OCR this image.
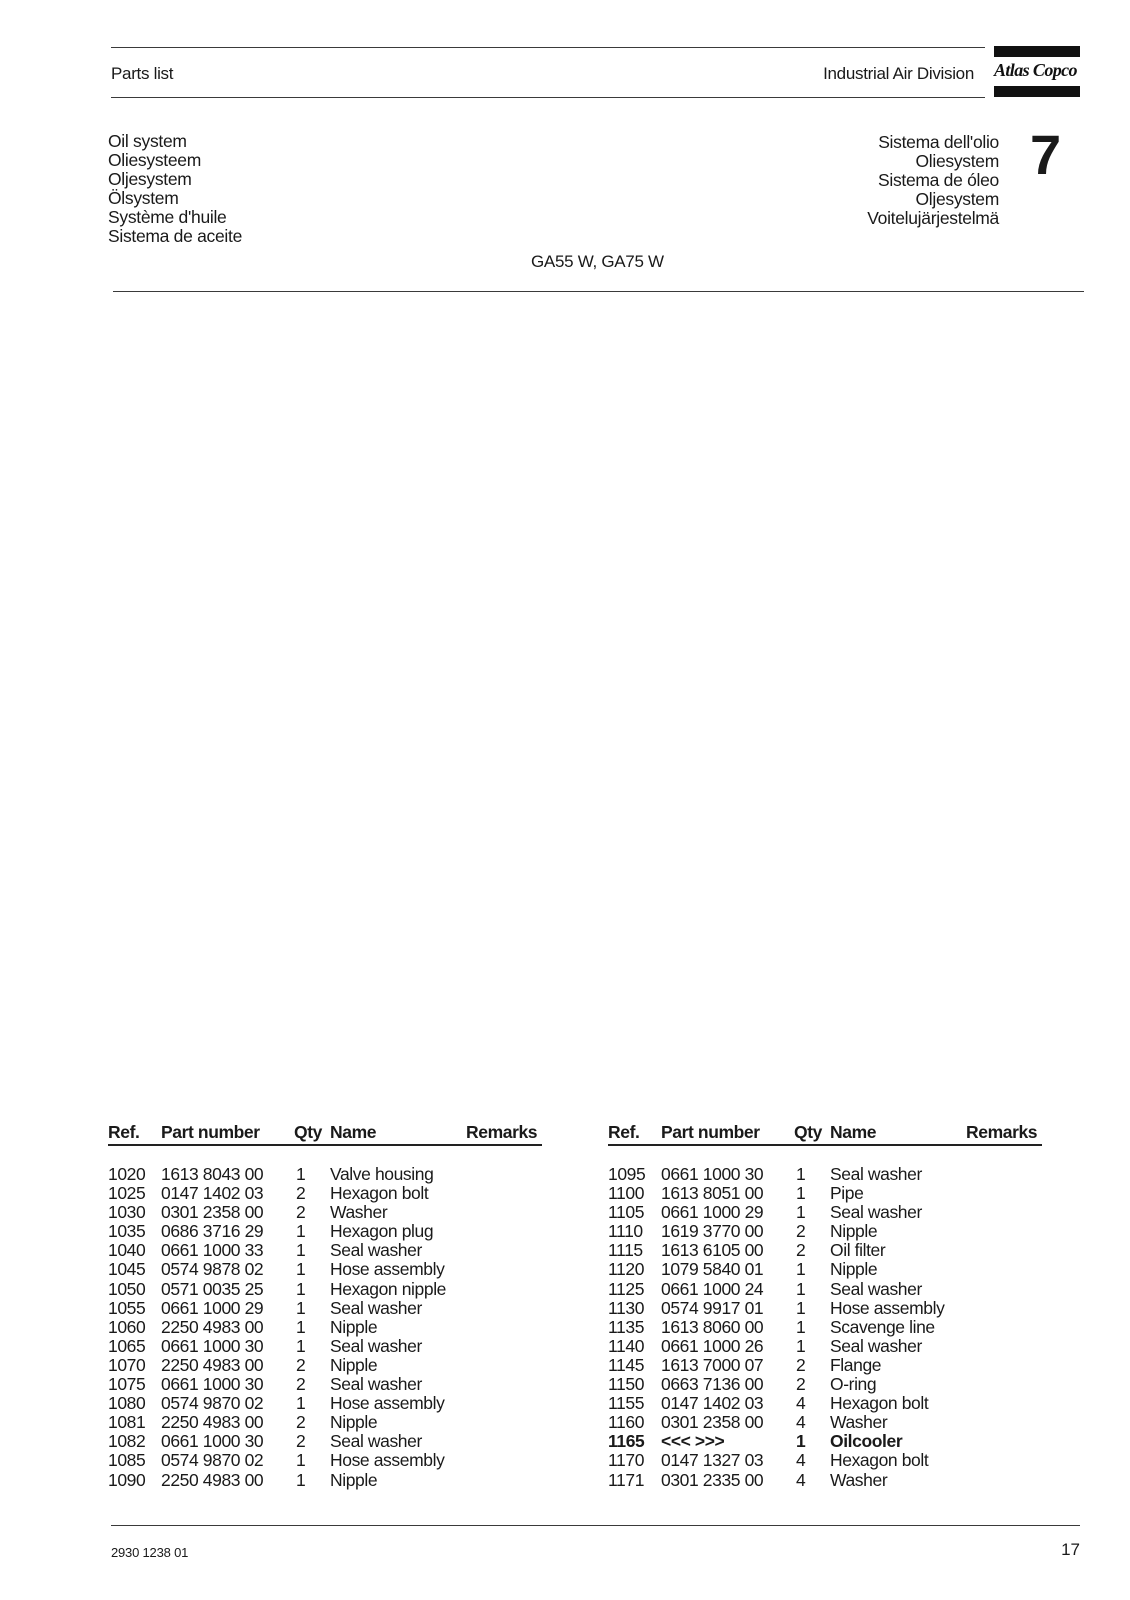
Parts list	Industrial Air Division Atlas Copco
Oil system
Oliesysteem
Oljesystem
Ölsystem
Système d'huile
Sistema de aceite
Sistema dell'olio
Oliesystem
Sistema de óleo
Oljesystem
Voitelujärjestelmä
7
GA55 W, GA75 W
Ref. Part number Qty Name	Remarks
1020 1613 8043 00 1 Valve housing
1025 0147 1402 03 2 Hexagon bolt
1030 0301 2358 00 2 Washer
1035 0686 3716 29 1 Hexagon plug
1040 0661 1000 33 1 Seal washer
1045 0574 9878 02 1 Hose assembly
1050 0571 0035 25 1 Hexagon nipple
1055 0661 1000 29 1 Seal washer
1060 2250 4983 00 1 Nipple
1065 0661 1000 30 1 Seal washer
1070 2250 4983 00 2 Nipple
1075 0661 1000 30 2 Seal washer
1080 0574 9870 02 1 Hose assembly
1081 2250 4983 00 2 Nipple
1082 0661 1000 30 2 Seal washer
1085 0574 9870 02 1 Hose assembly
1090 2250 4983 00 1 Nipple
Ref. Part number Qty Name	Remarks
1095 0661 1000 30 1 Seal washer
1100 1613 8051 00 1 Pipe
1105 0661 1000 29 1 Seal washer
1110 1619 3770 00 2 Nipple
1115 1613 6105 00 2 Oil filter
1120 1079 5840 01 1 Nipple
1125 0661 1000 24 1 Seal washer
1130 0574 9917 01 1 Hose assembly
1135 1613 8060 00 1 Scavenge line
1140 0661 1000 26 1 Seal washer
1145 1613 7000 07 2 Flange
1150 0663 7136 00 2 O-ring
1155 0147 1402 03 4 Hexagon bolt
1160 0301 2358 00 4 Washer
1165 <<< >>>	1 Oilcooler
1170 0147 1327 03 4 Hexagon bolt
1171 0301 2335 00 4 Washer
2930 1238 01	17
